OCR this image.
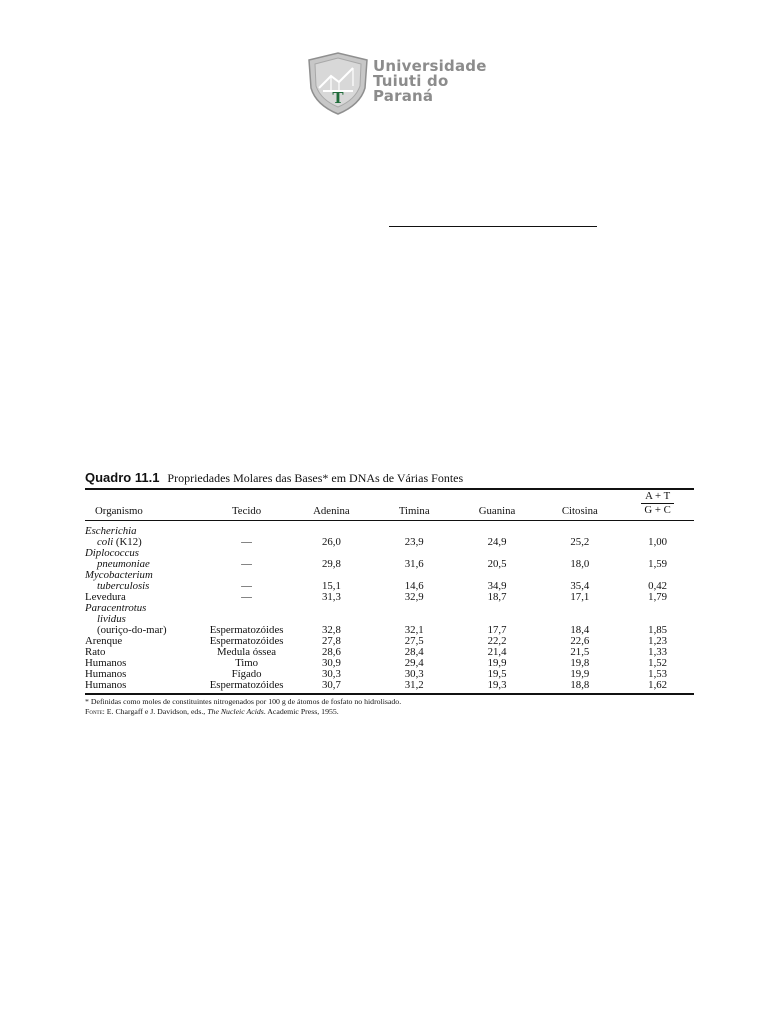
T
Universidade
Tuiuti do
Paraná
Quadro 11.1 Propriedades Molares das Bases* em DNAs de Várias Fontes
Organismo	Tecido	Adenina	Timina	Guanina	Citosina	$\frac{A + T}{G + C}$

Escherichia						
coli (K12)	—	26,0	23,9	24,9	25,2	1,00
Diplococcus						
pneumoniae	—	29,8	31,6	20,5	18,0	1,59
Mycobacterium						
tuberculosis	—	15,1	14,6	34,9	35,4	0,42
Levedura	—	31,3	32,9	18,7	17,1	1,79
Paracentrotus						
lividus						
(ouriço-do-mar)	Espermatozóides	32,8	32,1	17,7	18,4	1,85
Arenque	Espermatozóides	27,8	27,5	22,2	22,6	1,23
Rato	Medula óssea	28,6	28,4	21,4	21,5	1,33
Humanos	Timo	30,9	29,4	19,9	19,8	1,52
Humanos	Fígado	30,3	30,3	19,5	19,9	1,53
Humanos	Espermatozóides	30,7	31,2	19,3	18,8	1,62
* Definidas como moles de constituintes nitrogenados por 100 g de átomos de fosfato no hidrolisado.
Fonte: E. Chargaff e J. Davidson, eds., The Nucleic Acids. Academic Press, 1955.
